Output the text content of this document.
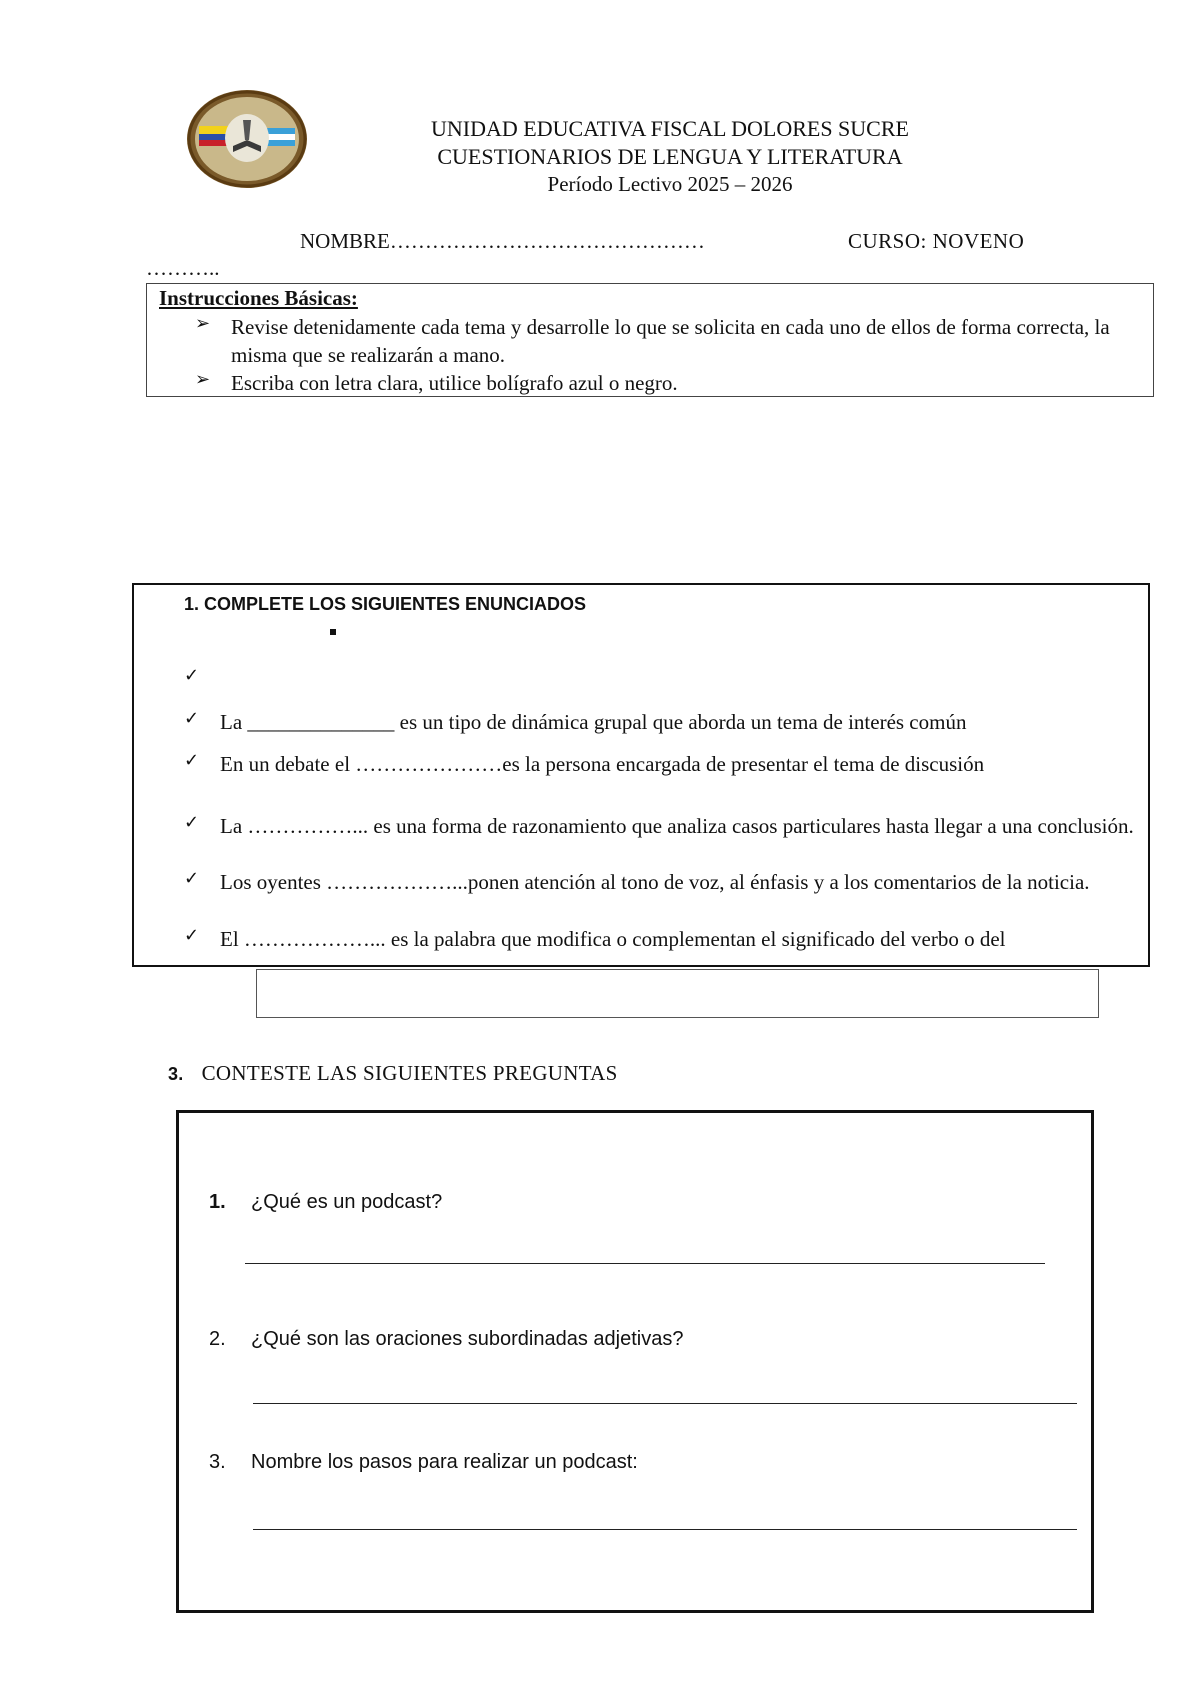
UNIDAD EDUCATIVA FISCAL DOLORES SUCRE
CUESTIONARIOS DE LENGUA Y LITERATURA
Período Lectivo 2025 – 2026
NOMBRE………………………………………	CURSO: NOVENO
………..
Instrucciones Básicas:
➢ Revise detenidamente cada tema y desarrolle lo que se solicita en cada uno de ellos de forma correcta, la misma que se realizarán a mano.
➢ Escriba con letra clara, utilice bolígrafo azul o negro.
1. COMPLETE LOS SIGUIENTES ENUNCIADOS
✓
✓ La ______________ es un tipo de dinámica grupal que aborda un tema de interés común
✓ En un debate el …………………es la persona encargada de presentar el tema de discusión
✓ La ……………... es una forma de razonamiento que analiza casos particulares hasta llegar a una conclusión.
✓ Los oyentes ………………...ponen atención al tono de voz, al énfasis y a los comentarios de la noticia.
✓ El ………………... es la palabra que modifica o complementan el significado del verbo o del
3. CONTESTE LAS SIGUIENTES PREGUNTAS
1.	¿Qué es un podcast?
2.	¿Qué son las oraciones subordinadas adjetivas?
3.	Nombre los pasos para realizar un podcast:
